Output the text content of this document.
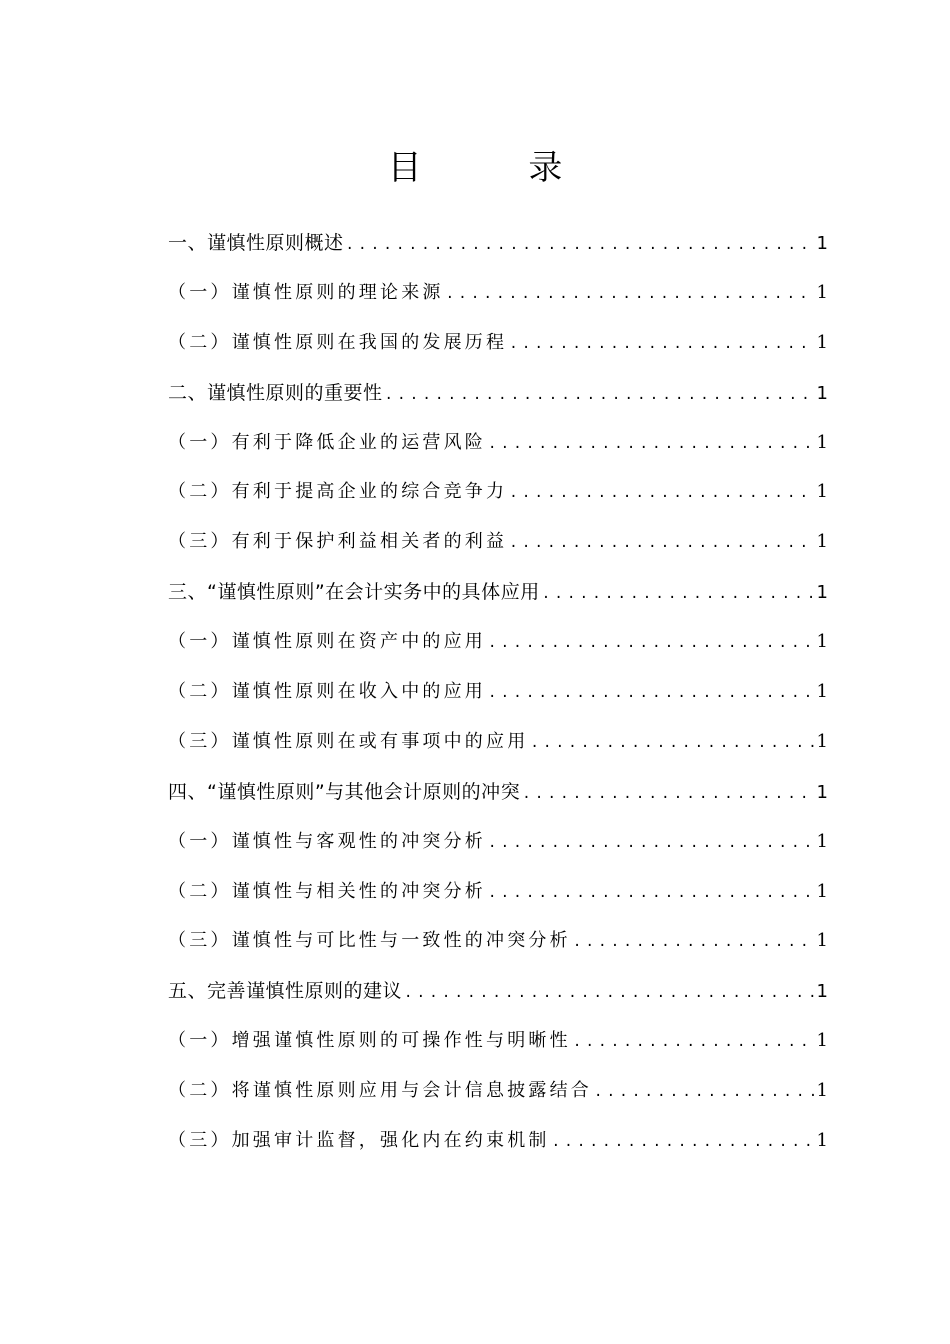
目 录
一、谨慎性原则概述 .....	1
（一）谨慎性原则的理论来源 .....	1
（二）谨慎性原则在我国的发展历程 .....	1
二、谨慎性原则的重要性 .....	1
（一）有利于降低企业的运营风险 .....	1
（二）有利于提高企业的综合竞争力 .....	1
（三）有利于保护利益相关者的利益 .....	1
三、“谨慎性原则”在会计实务中的具体应用 .....	1
（一）谨慎性原则在资产中的应用 .....	1
（二）谨慎性原则在收入中的应用 .....	1
（三）谨慎性原则在或有事项中的应用 .....	1
四、“谨慎性原则”与其他会计原则的冲突 .....	1
（一）谨慎性与客观性的冲突分析 .....	1
（二）谨慎性与相关性的冲突分析 .....	1
（三）谨慎性与可比性与一致性的冲突分析 .....	1
五、完善谨慎性原则的建议 .....	1
（一）增强谨慎性原则的可操作性与明晰性 .....	1
（二）将谨慎性原则应用与会计信息披露结合 .....	1
（三）加强审计监督，强化内在约束机制 .....	1
